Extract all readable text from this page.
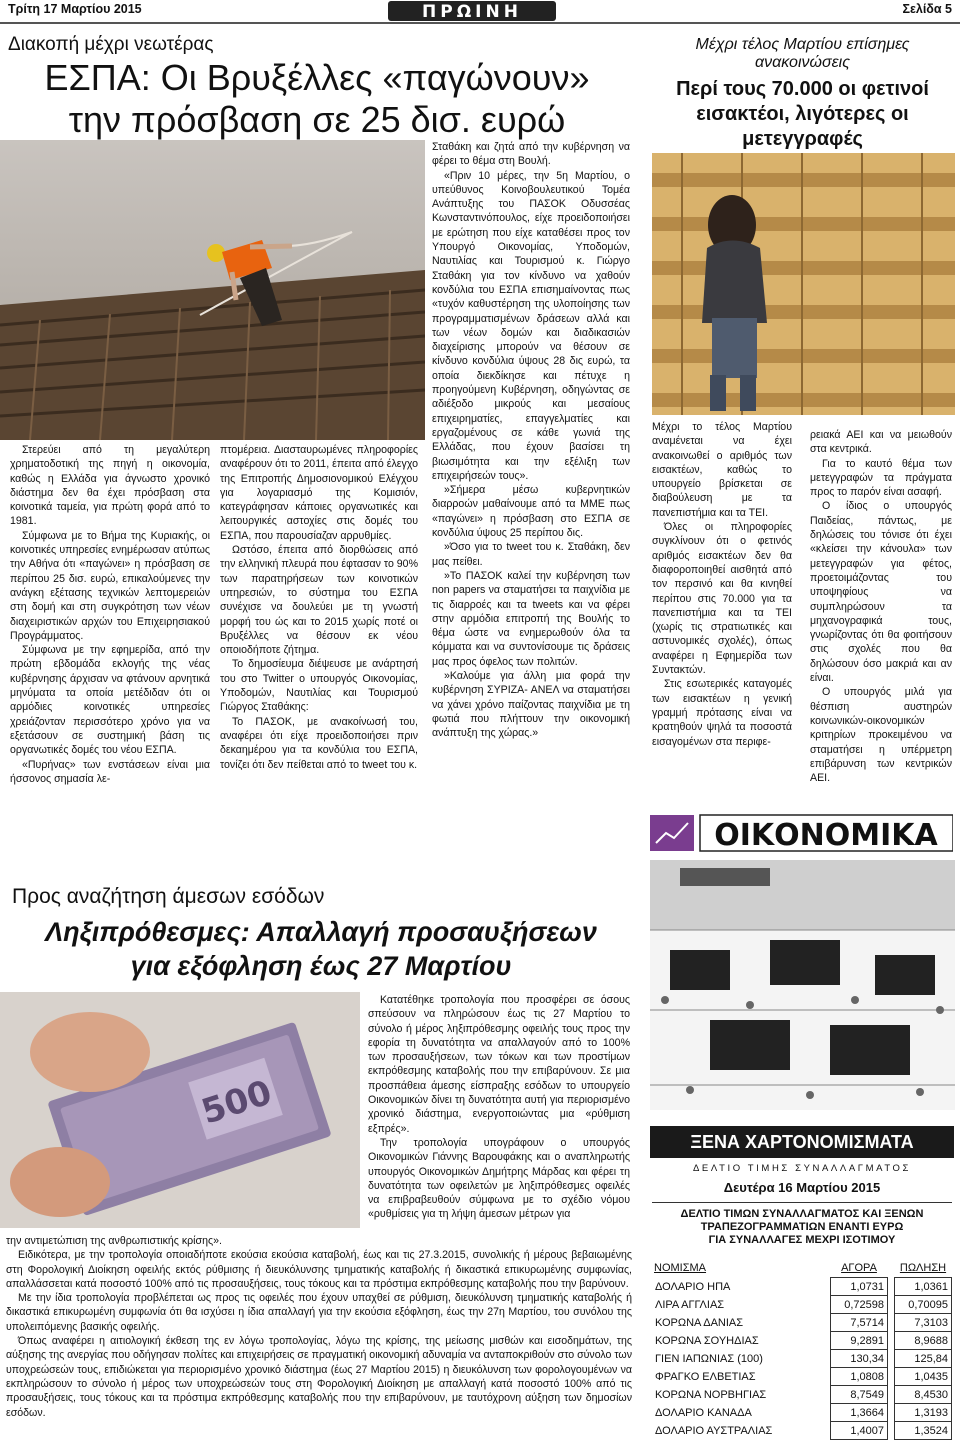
Τρίτη 17 Μαρτίου 2015	ΠΡΩΙΝΗ	Σελίδα 5
Διακοπή μέχρι νεωτέρας
ΕΣΠΑ: Οι Βρυξέλλες «παγώνουν»
την πρόσβαση σε 25 δισ. ευρώ

Στερεύει από τη μεγαλύτερη χρηματοδοτική της πηγή η οικονομία, καθώς η Ελλάδα για άγνωστο χρονικό διάστημα δεν θα έχει πρόσβαση στα κοινοτικά ταμεία, για πρώτη φορά από το 1981.

Σύμφωνα με το Βήμα της Κυριακής, οι κοινοτικές υπηρεσίες ενημέρωσαν ατύπως την Αθήνα ότι «παγώνει» η πρόσβαση σε περίπου 25 δισ. ευρώ, επικαλούμενες την ανάγκη εξέτασης τεχνικών λεπτομερειών στη δομή και στη συγκρότηση των νέων διαχειριστικών αρχών του Επιχειρησιακού Προγράμματος.

Σύμφωνα με την εφημερίδα, από την πρώτη εβδομάδα εκλογής της νέας κυβέρνησης άρχισαν να φτάνουν αρνητικά μηνύματα τα οποία μετέδιδαν ότι οι αρμόδιες κοινοτικές υπηρεσίες χρειάζονταν περισσότερο χρόνο για να εξετάσουν σε συστημική βάση τις οργανωτικές δομές του νέου ΕΣΠΑ.

«Πυρήνας» των ενστάσεων είναι μια ήσσονος σημασία λε-

πτομέρεια. Διασταυρωμένες πληροφορίες αναφέρουν ότι το 2011, έπειτα από έλεγχο της Επιτροπής Δημοσιονομικού Ελέγχου για λογαριασμό της Κομισιόν, κατεγράφησαν κάποιες οργανωτικές και λειτουργικές αστοχίες στις δομές του ΕΣΠΑ, που παρουσίαζαν αρρυθμίες.

Ωστόσο, έπειτα από διορθώσεις από την ελληνική πλευρά που έφτασαν το 90% των παρατηρήσεων των κοινοτικών υπηρεσιών, το σύστημα του ΕΣΠΑ συνέχισε να δουλεύει με τη γνωστή μορφή του ώς και το 2015 χωρίς ποτέ οι Βρυξέλλες να θέσουν εκ νέου οποιοδήποτε ζήτημα.

Το δημοσίευμα διέψευσε με ανάρτησή του στο Twitter ο υπουργός Οικονομίας, Υποδομών, Ναυτιλίας και Τουρισμού Γιώργος Σταθάκης:

Το ΠΑΣΟΚ, με ανακοίνωσή του, αναφέρει ότι είχε προειδοποιήσει πριν δεκαημέρου για τα κονδύλια του ΕΣΠΑ, τονίζει ότι δεν πείθεται από το tweet του κ.

Σταθάκη και ζητά από την κυβέρνηση να φέρει το θέμα στη Βουλή.

«Πριν 10 μέρες, την 5η Μαρτίου, ο υπεύθυνος Κοινοβουλευτικού Τομέα Ανάπτυξης του ΠΑΣΟΚ Οδυσσέας Κωνσταντινόπουλος, είχε προειδοποιήσει με ερώτηση που είχε καταθέσει προς τον Υπουργό Οικονομίας, Υποδομών, Ναυτιλίας και Τουρισμού κ. Γιώργο Σταθάκη για τον κίνδυνο να χαθούν κονδύλια του ΕΣΠΑ επισημαίνοντας πως «τυχόν καθυστέρηση της υλοποίησης των προγραμματισμένων δράσεων αλλά και των νέων δομών και διαδικασιών διαχείρισης μπορούν να θέσουν σε κίνδυνο κονδύλια ύψους 28 δις ευρώ, τα οποία διεκδίκησε και πέτυχε η προηγούμενη Κυβέρνηση, οδηγώντας σε αδιέξοδο μικρούς και μεσαίους επιχειρηματίες, επαγγελματίες και εργαζομένους σε κάθε γωνιά της Ελλάδας, που έχουν βασίσει τη βιωσιμότητα και την εξέλιξη των επιχειρήσεών τους».

»Σήμερα μέσω κυβερνητικών διαρροών μαθαίνουμε από τα ΜΜΕ πως «παγώνει» η πρόσβαση στο ΕΣΠΑ σε κονδύλια ύψους 25 περίπου δις.

»Όσο για το tweet του κ. Σταθάκη, δεν μας πείθει.

»Το ΠΑΣΟΚ καλεί την κυβέρνηση των non papers να σταματήσει τα παιχνίδια με τις διαρροές και τα tweets και να φέρει στην αρμόδια επιτροπή της Βουλής το θέμα ώστε να ενημερωθούν όλα τα κόμματα και να συντονίσουμε τις δράσεις μας προς όφελος των πολιτών.

»Καλούμε για άλλη μια φορά την κυβέρνηση ΣΥΡΙΖΑ- ΑΝΕΛ να σταματήσει να χάνει χρόνο παίζοντας παιχνίδια με τη φωτιά που πλήττουν την οικονομική ανάπτυξη της χώρας.»

Μέχρι τέλος Μαρτίου επίσημες ανακοινώσεις
Περί τους 70.000 οι φετινοί εισακτέοι, λιγότερες οι μετεγγραφές

Μέχρι το τέλος Μαρτίου αναμένεται να έχει ανακοινωθεί ο αριθμός των εισακτέων, καθώς το υπουργείο βρίσκεται σε διαβούλευση με τα πανεπιστήμια και τα ΤΕΙ.

Όλες οι πληροφορίες συγκλίνουν ότι ο φετινός αριθμός εισακτέων δεν θα διαφοροποιηθεί αισθητά από τον περσινό και θα κινηθεί περίπου στις 70.000 για τα πανεπιστήμια και τα ΤΕΙ (χωρίς τις στρατιωτικές και αστυνομικές σχολές), όπως αναφέρει η Εφημερίδα των Συντακτών.

Στις εσωτερικές καταγομές των εισακτέων η γενική γραμμή πρότασης είναι να κρατηθούν ψηλά τα ποσοστά εισαγομένων στα περιφε-

ρειακά ΑΕΙ και να μειωθούν στα κεντρικά.

Για το καυτό θέμα των μετεγγραφών τα πράγματα προς το παρόν είναι ασαφή.

Ο ίδιος ο υπουργός Παιδείας, πάντως, με δηλώσεις του τόνισε ότι έχει «κλείσει την κάνουλα» των μετεγγραφών για φέτος, προετοιμάζοντας του υποψηφίους να συμπληρώσουν τα μηχανογραφικά τους, γνωρίζοντας ότι θα φοιτήσουν στις σχολές που θα δηλώσουν όσο μακριά και αν είναι.

Ο υπουργός μιλά για θέσπιση αυστηρών κοινωνικών-οικονομικών κριτηρίων προκειμένου να σταματήσει η υπέρμετρη επιβάρυνση των κεντρικών ΑΕΙ.

ΟΙΚΟΝΟΜΙΚΑ
ΞΕΝΑ ΧΑΡΤΟΝΟΜΙΣΜΑΤΑ
ΔΕΛΤΙΟ ΤΙΜΗΣ ΣΥΝΑΛΛΑΓΜΑΤΟΣ
Δευτέρα 16 Μαρτίου 2015
ΔΕΛΤΙΟ ΤΙΜΩΝ ΣΥΝΑΛΛΑΓΜΑΤΟΣ ΚΑΙ ΞΕΝΩΝ
ΤΡΑΠΕΖΟΓΡΑΜΜΑΤΙΩΝ ΕΝΑΝΤΙ ΕΥΡΩ
ΓΙΑ ΣΥΝΑΛΛΑΓΕΣ ΜΕΧΡΙ ΙΣΟΤΙΜΟΥ
ΝΟΜΙΣΜΑ	ΑΓΟΡΑ		ΠΩΛΗΣΗ
ΔΟΛΑΡΙΟ ΗΠΑ	1,0731		1,0361
ΛΙΡΑ ΑΓΓΛΙΑΣ	0,72598		0,70095
ΚΟΡΩΝΑ ΔΑΝΙΑΣ	7,5714		7,3103
ΚΟΡΩΝΑ ΣΟΥΗΔΙΑΣ	9,2891		8,9688
ΓΙΕΝ ΙΑΠΩΝΙΑΣ (100)	130,34		125,84
ΦΡΑΓΚΟ ΕΛΒΕΤΙΑΣ	1,0808		1,0435
ΚΟΡΩΝΑ ΝΟΡΒΗΓΙΑΣ	8,7549		8,4530
ΔΟΛΑΡΙΟ ΚΑΝΑΔΑ	1,3664		1,3193
ΔΟΛΑΡΙΟ ΑΥΣΤΡΑΛΙΑΣ	1,4007		1,3524
Προς αναζήτηση άμεσων εσόδων
Ληξιπρόθεσμες: Απαλλαγή προσαυξήσεων
για εξόφληση έως 27 Μαρτίου
500

Κατατέθηκε τροπολογία που προσφέρει σε όσους σπεύσουν να πληρώσουν έως τις 27 Μαρτίου το σύνολο ή μέρος ληξιπρόθεσμης οφειλής τους προς την εφορία τη δυνατότητα να απαλλαγούν από το 100% των προσαυξήσεων, των τόκων και των προστίμων εκπρόθεσμης καταβολής που την επιβαρύνουν. Σε μια προσπάθεια άμεσης είσπραξης εσόδων το υπουργείο Οικονομικών δίνει τη δυνατότητα αυτή για περιορισμένο χρονικό διάστημα, ενεργοποιώντας μια «ρύθμιση εξπρές».

Την τροπολογία υπογράφουν ο υπουργός Οικονομικών Γιάννης Βαρουφάκης και ο αναπληρωτής υπουργός Οικονομικών Δημήτρης Μάρδας και φέρει τη δυνατότητα των οφειλετών με ληξιπρόθεσμες οφειλές να επιβραβευθούν σύμφωνα με το σχέδιο νόμου «ρυθμίσεις για τη λήψη άμεσων μέτρων για

την αντιμετώπιση της ανθρωπιστικής κρίσης».

Ειδικότερα, με την τροπολογία οποιαδήποτε εκούσια εκούσια καταβολή, έως και τις 27.3.2015, συνολικής ή μέρους βεβαιωμένης στη Φορολογική Διοίκηση οφειλής εκτός ρύθμισης ή διευκόλυνσης τμηματικής καταβολής ή δικαστικά επικυρωμένης συμφωνίας, απαλλάσσεται κατά ποσοστό 100% από τις προσαυξήσεις, τους τόκους και τα πρόστιμα εκπρόθεσμης καταβολής που την βαρύνουν.

Με την ίδια τροπολογία προβλέπεται ως προς τις οφειλές που έχουν υπαχθεί σε ρύθμιση, διευκόλυνση τμηματικής καταβολής ή δικαστικά επικυρωμένη συμφωνία ότι θα ισχύσει η ίδια απαλλαγή για την εκούσια εξόφληση, έως την 27η Μαρτίου, του συνόλου της υπολειπόμενης βασικής οφειλής.

Όπως αναφέρει η αιτιολογική έκθεση της εν λόγω τροπολογίας, λόγω της κρίσης, της μείωσης μισθών και εισοδημάτων, της αύξησης της ανεργίας που οδήγησαν πολίτες και επιχειρήσεις σε πραγματική οικονομική αδυναμία να ανταποκριθούν στο σύνολο των υποχρεώσεών τους, επιδιώκεται για περιορισμένο χρονικό διάστημα (έως 27 Μαρτίου 2015) η διευκόλυνση των φορολογουμένων να εκπληρώσουν το σύνολο ή μέρος των υποχρεώσεών τους στη Φορολογική Διοίκηση με απαλλαγή κατά ποσοστό 100% από τις προσαυξήσεις, τους τόκους και τα πρόστιμα εκπρόθεσμης καταβολής που την επιβαρύνουν, με ταυτόχρονη αύξηση των δημοσίων εσόδων.
